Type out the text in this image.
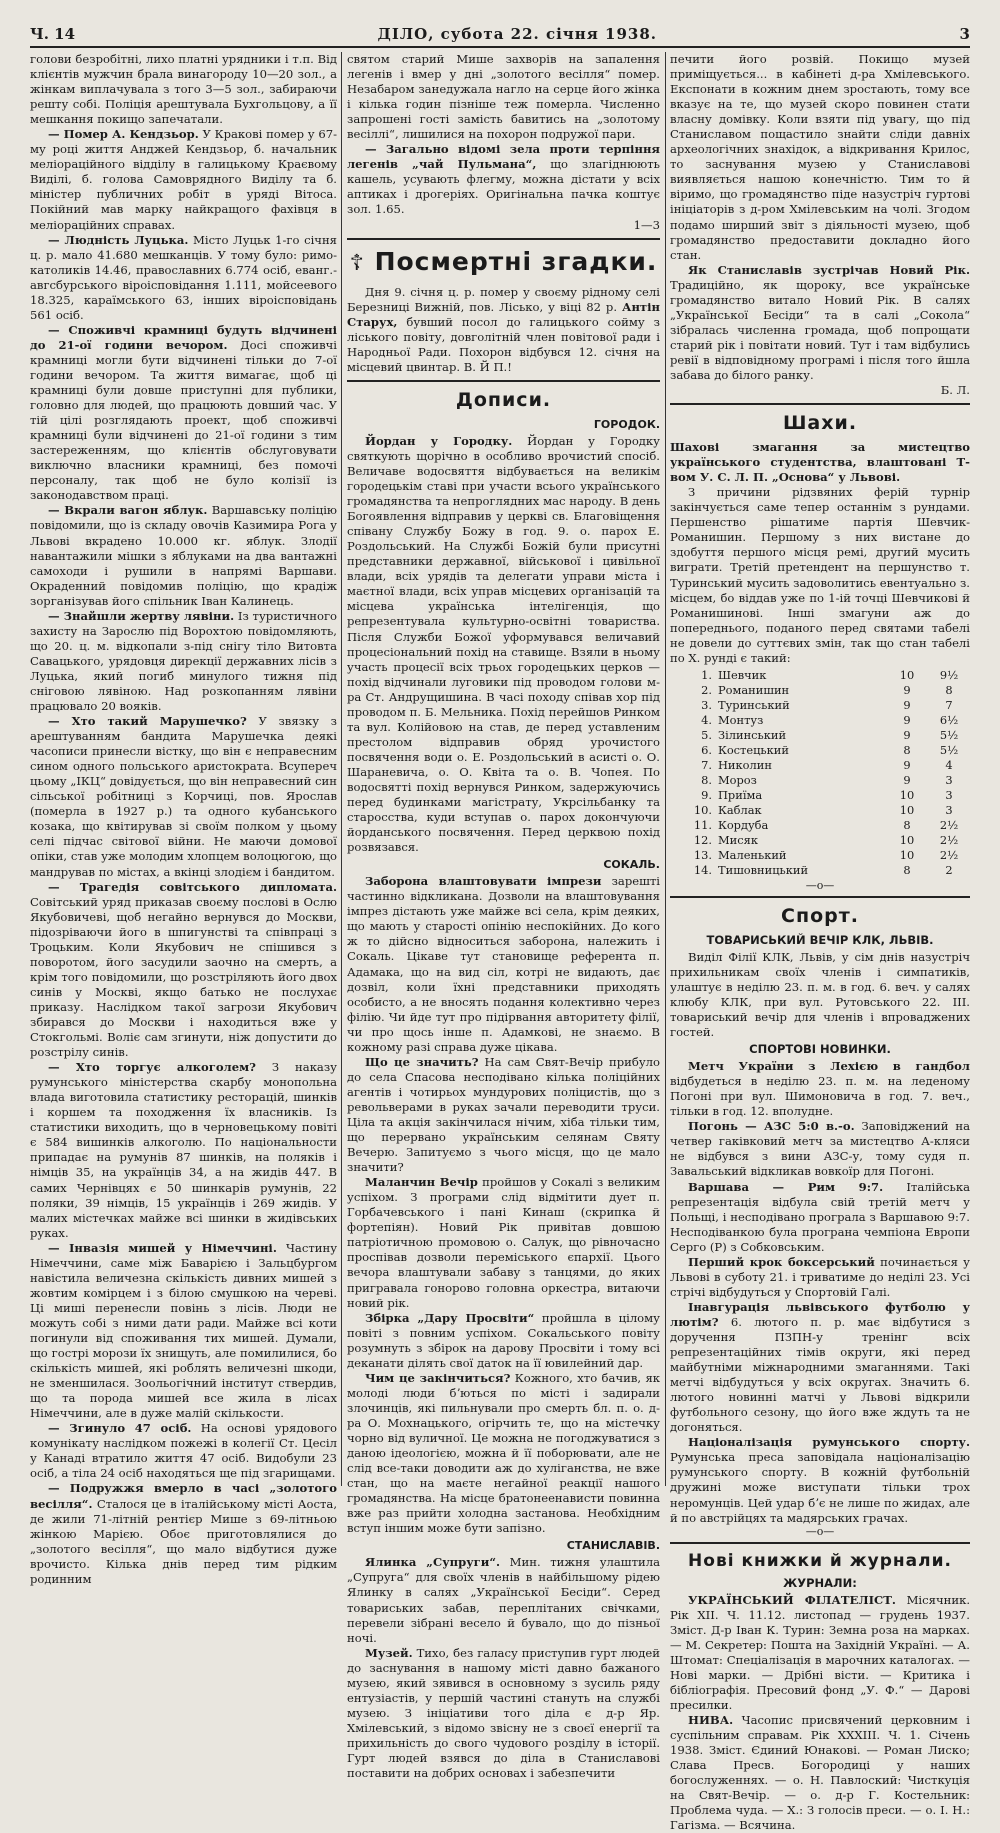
Ч. 14	ДІЛО, субота 22. січня 1938.	3

голови безробітні, лихо платні урядники і т.п. Від клієнтів мужчин брала винагороду 10—20 зол., а жінкам виплачувала з того 3—5 зол., забираючи решту собі. Поліція арештувала Бухгольцову, а її мешкання покищо запечатали.

— Помер А. Кендзьор. У Кракові помер у 67-му році життя Анджей Кендзьор, б. начальник меліораційного відділу в галицькому Краєвому Виділі, б. голова Самоврядного Виділу та б. міністер публичних робіт в уряді Вітоса. Покійний мав марку найкращого фахівця в меліораційних справах.

— Людність Луцька. Місто Луцьк 1-го січня ц. р. мало 41.680 мешканців. У тому було: римо-католиків 14.46, православних 6.774 осіб, еванг.-авгсбурського віроісповідання 1.111, мойсеевого 18.325, караїмського 63, інших віроісповідань 561 осіб.

— Споживчі крамниці будуть відчинені до 21-ої години вечором. Досі споживчі крамниці могли бути відчинені тільки до 7-ої години вечором. Та життя вимагає, щоб ці крамниці були довше приступні для публики, головно для людей, що працюють довший час. У тій цілі розглядають проект, щоб споживчі крамниці були відчинені до 21-ої години з тим застереженням, що клієнтів обслуговувати виключно власники крамниці, без помочі персоналу, так щоб не було колізії із законодавством праці.

— Вкрали вагон яблук. Варшавську поліцію повідомили, що із складу овочів Казимира Рога у Львові вкрадено 10.000 кг. яблук. Злодії навантажили мішки з яблуками на два вантажні самоходи і рушили в напрямі Варшави. Окраденний повідомив поліцію, що крадіж зорганізував його спільник Іван Калинець.

— Знайшли жертву лявіни. Із туристичного захисту на Зарослю під Ворохтою повідомляють, що 20. ц. м. відкопали з-під снігу тіло Витовта Савацького, урядовця дирекції державних лісів з Луцька, який погиб минулого тижня під сніговою лявіною. Над розкопанням лявіни працювало 20 вояків.

— Хто такий Марушечко? У звязку з арештуванням бандита Марушечка деякі часописи принесли вістку, що він є неправесним сином одного польського аристократа. Всупереч цьому „ІКЦ“ довідується, що він неправесний син сільської робітниці з Корчиці, пов. Ярослав (померла в 1927 р.) та одного кубанського козака, що квітирував зі своїм полком у цьому селі підчас світової війни. Не маючи домової опіки, став уже молодим хлопцем волоцюгою, що мандрував по містах, а вкінці злодієм і бандитом.

— Трагедія совітського дипломата. Совітський уряд приказав своєму послові в Ослю Якубовичеві, щоб негайно вернувся до Москви, підозріваючи його в шпигунстві та співпраці з Троцьким. Коли Якубович не спішився з поворотом, його засудили заочно на смерть, а крім того повідомили, що розстріляють його двох синів у Москві, якщо батько не послухає приказу. Наслідком такої загрози Якубович збирався до Москви і находиться вже у Стокгольмі. Воліє сам згинути, ніж допустити до розстрілу синів.

— Хто торгує алкоголем? З наказу румунського міністерства скарбу монопольна влада виготовила статистику ресторацій, шинків і коршем та походження їх власників. Із статистики виходить, що в черновецькому повіті є 584 вишинків алкоголю. По національности припадає на румунів 87 шинків, на поляків і німців 35, на українців 34, а на жидів 447. В самих Чернівцях є 50 шинкарів румунів, 22 поляки, 39 німців, 15 українців і 269 жидів. У малих містечках майже всі шинки в жидівських руках.

— Інвазія мишей у Німеччині. Частину Німеччини, саме між Баварією і Зальцбургом навістила величезна скількість дивних мишей з жовтим комірцем і з білою смушкою на череві. Ці миші перенесли повінь з лісів. Люди не можуть собі з ними дати ради. Майже всі коти погинули від споживання тих мишей. Думали, що гострі морози їх знищуть, але помилилися, бо скількість мишей, які роблять величезні шкоди, не зменшилася. Зоольогічний інститут ствердив, що та порода мишей все жила в лісах Німеччини, але в дуже малій скількости.

— Згинуло 47 осіб. На основі урядового комунікату наслідком пожежі в колегії Ст. Цесіл у Канаді втратило життя 47 осіб. Видобули 23 осіб, а тіла 24 осіб находяться ще під згарищами.

— Подружжя вмерло в часі „золотого весілля“. Сталося це в італійському місті Аоста, де жили 71-літній рентієр Мише з 69-літньою жінкою Марією. Обоє приготовлялися до „золотого весілля“, що мало відбутися дуже врочисто. Кілька днів перед тим рідким родинним

святом старий Мише захворів на запалення легенів і вмер у дні „золотого весілля“ помер. Незабаром занедужала нагло на серце його жінка і кілька годин пізніше теж померла. Численно запрошені гості замість бавитись на „золотому весіллі“, лишилися на похорон подружої пари.

— Загально відомі зела проти терпіння легенів „чай Пульмана“, що злагіднюють кашель, усувають флегму, можна дістати у всіх аптиках і дрогеріях. Оригінальна пачка коштує зол. 1.65.

1—3
☦ Посмертні згадки.

Дня 9. січня ц. р. помер у своєму рідному селі Березниці Вижній, пов. Лісько, у віці 82 р. Антін Старух, бувший посол до галицького сойму з ліського повіту, довголітній член повітової ради і Народньої Ради. Похорон відбувся 12. січня на місцевий цвинтар. В. Й П.!

Дописи.
ГОРОДОК.

Йордан у Городку. Йордан у Городку святкують щорічно в особливо врочистий спосіб. Величаве водосвяття відбувається на великім городецькім ставі при участи всього українського громадянства та непроглядних мас народу. В день Богоявлення відправив у церкві св. Благовіщення співану Службу Божу в год. 9. о. парох Е. Роздольський. На Службі Божій були присутні представники державної, військової і цивільної влади, всіх урядів та делегати управи міста і маєтної влади, всіх управ місцевих організацій та місцева українська інтелігенція, що репрезентувала культурно-освітні товариства. Після Служби Божої уформувався величавий процесіональний похід на ставище. Взяли в ньому участь процесії всіх трьох городецьких церков — похід відчинали луговики під проводом голови м-ра Ст. Андрущишина. В часі походу співав хор під проводом п. Б. Мельника. Похід перейшов Ринком та вул. Колійовою на став, де перед уставленим престолом відправив обряд урочистого посвячення води о. Е. Роздольський в асисті о. О. Шараневича, о. О. Квіта та о. В. Чопея. По водосвятті похід вернувся Ринком, задержуючись перед будинками магістрату, Укрсільбанку та старосства, куди вступав о. парох докончуючи йорданського посвячення. Перед церквою похід розвязався.

СОКАЛЬ.

Заборона влаштовувати імпрези зарешті частинно відкликана. Дозволи на влаштовування імпрез дістають уже майже всі села, крім деяких, що мають у старості опінію неспокійних. До кого ж то дійсно відноситься заборона, належить і Сокаль. Цікаве тут становище референта п. Адамака, що на вид сіл, котрі не видають, дає дозвіл, коли їхні представники приходять особисто, а не вносять подання колективно через філію. Чи йде тут про підірвання авторитету філії, чи про щось інше п. Адамкові, не знаємо. В кожному разі справа дуже цікава.

Що це значить? На сам Свят-Вечір прибуло до села Спасова несподівано кілька поліційних агентів і чотирьох мундурових поліцистів, що з револьверами в руках зачали переводити труси. Ціла та акція закінчилася нічим, хіба тільки тим, що перервано українським селянам Святу Вечерю. Запитуємо з чього місця, що це мало значити?

Маланчин Вечір пройшов у Сокалі з великим успіхом. З програми слід відмітити дует п. Горбачевського і пані Кинаш (скрипка й фортепіян). Новий Рік привітав довшою патріотичною промовою о. Салук, що рівночасно проспівав дозволи переміського єпархії. Цього вечора влаштували забаву з танцями, до яких пригравала гонорово головна оркестра, витаючи новий рік.

Збірка „Дару Просвіти“ пройшла в цілому повіті з повним успіхом. Сокальського повіту розумнуть з збірок на дарову Просвіти і тому всі деканати ділять свої даток на її ювилейний дар.

Чим це закінчиться? Кожного, хто бачив, як молоді люди бʼються по місті і задирали злочинців, які пильнували про смерть бл. п. о. д-ра О. Мохнацького, огірчить те, що на містечку чорно від вуличної. Це можна не погоджуватися з даною ідеологією, можна й її поборювати, але не слід все-таки доводити аж до хуліганства, не вже стан, що на маєте негайної реакції нашого громадянства. На місце братонеенависти повинна вже раз прийти холодна застанова. Необхідним вступ іншим може бути запізно.

СТАНИСЛАВІВ.

Ялинка „Супруги“. Мин. тижня улаштила „Супруга“ для своїх членів в найбільшому рідею Ялинку в салях „Української Бесіди“. Серед товариських забав, переплітаних свічками, перевели зібрані весело й бувало, що до пізньої ночі.

Музей. Тихо, без галасу приступив гурт людей до заснування в нашому місті давно бажаного музею, який зявився в основному з зусиль ряду ентузіастів, у першій частині стануть на службі музею. З ініціативи того діла є д-р Яр. Хмілевський, з відомо звісну не з своєї енергії та прихильність до свого чудового розділу в історії. Гурт людей взявся до діла в Станиславові поставити на добрих основах і забезпечити

печити його розвій. Покищо музей приміщується... в кабінеті д-ра Хмілевського. Експонати в кожним днем зростають, тому все вказує на те, що музей скоро повинен стати власну домівку. Коли взяти під увагу, що під Станиславом пощастило знайти сліди давніх археологічних знахідок, а відкривання Крилос, то заснування музею у Станиславові виявляється нашою конечністю. Тим то й віримо, що громадянство піде назустріч гуртові ініціаторів з д-ром Хмілевським на чолі. Згодом подамо ширший звіт з діяльності музею, щоб громадянство предоставити докладно його стан.

Як Станиславів зустрічав Новий Рік. Традиційно, як щороку, все українське громадянство витало Новий Рік. В салях „Української Бесіди“ та в салі „Сокола“ зібралась численна громада, щоб попрощати старий рік і повітати новий. Тут і там відбулись ревії в відповідному програмі і після того йшла забава до білого ранку.

Б. Л.
Шахи.

Шахові змагання за мистецтво українського студентства, влаштовані Т-вом У. С. Л. П. „Основа“ у Львові.

З причини рідзвяних ферій турнір закінчується саме тепер останнім з рундами. Першенство рішатиме партія Шевчик-Романишин. Першому з них вистане до здобуття першого місця ремі, другий мусить виграти. Третій претендент на першунство т. Туринський мусить задоволитись евентуально з. місцем, бо віддав уже по 1-ій точці Шевчикові й Романишинові. Інші змагуни аж до попереднього, поданого перед святами табелі не довели до суттєвих змін, так що стан табелі по Х. рунді є такий:

1.	Шевчик	10	9½
2.	Романишин	9	8
3.	Туринський	9	7
4.	Монтуз	9	6½
5.	Зілинський	9	5½
6.	Костецький	8	5½
7.	Николин	9	4
8.	Мороз	9	3
9.	Приїма	10	3
10.	Каблак	10	3
11.	Кордуба	8	2½
12.	Мисяк	10	2½
13.	Маленький	10	2½
14.	Тишовницький	8	2
—o—
Спорт.
ТОВАРИСЬКИЙ ВЕЧІР КЛК, ЛЬВІВ.

Виділ Філії КЛК, Львів, у сім днів назустріч прихильникам своїх членів і симпатиків, улаштує в неділю 23. п. м. в год. 6. веч. у салях клюбу КЛК, при вул. Рутовського 22. ІІІ. товариський вечір для членів і впроваджених гостей.

СПОРТОВІ НОВИНКИ.

Метч України з Лехією в гандбол відбудеться в неділю 23. п. м. на леденому Погоні при вул. Шимоновича в год. 7. веч., тільки в год. 12. вполудне.

Погонь — АЗС 5:0 в.-о. Заповіджений на четвер гаківковий метч за мистецтво А-кляси не відбувся з вини АЗС-у, тому судя п. Завальський відкликав вовкоїр для Погоні.

Варшава — Рим 9:7. Італійська репрезентація відбула свій третій метч у Польщі, і несподівано програла з Варшавою 9:7. Несподіванкою була програна чемпіона Европи Серго (Р) з Собковським.

Перший крок боксерський починається у Львові в суботу 21. і триватиме до неділі 23. Усі стрічі відбудуться у Спортовій Галі.

Інавгурація львівського футболю у лютім? 6. лютого п. р. має відбутися з доручення ПЗПН-у тренінг всіх репрезентаційних тімів округи, які перед майбутніми міжнародними змаганнями. Такі метчі відбудуться у всіх округах. Значить 6. лютого новинні матчі у Львові відкрили футбольного сезону, що його вже ждуть та не догоняться.

Націоналізація румунського спорту. Румунська преса заповідала націоналізацію румунського спорту. В кожній футбольній дружині може виступати тільки трох неромунців. Цей удар бʼє не лише по жидах, але й по австрійцях та мадярських грачах.

—o—
Нові книжки й журнали.
ЖУРНАЛИ:

УКРАЇНСЬКИЙ ФІЛАТЕЛІСТ. Місячник. Рік ХІІ. Ч. 11.12. листопад — грудень 1937. Зміст. Д-р Іван К. Турин: Земна роза на марках. — М. Секретер: Пошта на Західній Україні. — А. Штомат: Спеціалізація в марочних каталогах. — Нові марки. — Дрібні вісти. — Критика і бібліографія. Пресовий фонд „У. Ф.“ — Дарові пресилки.

НИВА. Часопис присвячений церковним і суспільним справам. Рік ХХХІІІ. Ч. 1. Січень 1938. Зміст. Єдиний Юнакові. — Роман Лиско; Слава Пресв. Богородиці у наших богослуженнях. — о. Н. Павлоский: Чисткуція на Свят-Вечір. — о. д-р Г. Костельник: Проблема чуда. — Х.: З голосів преси. — о. І. Н.: Гагізма. — Всячина.
